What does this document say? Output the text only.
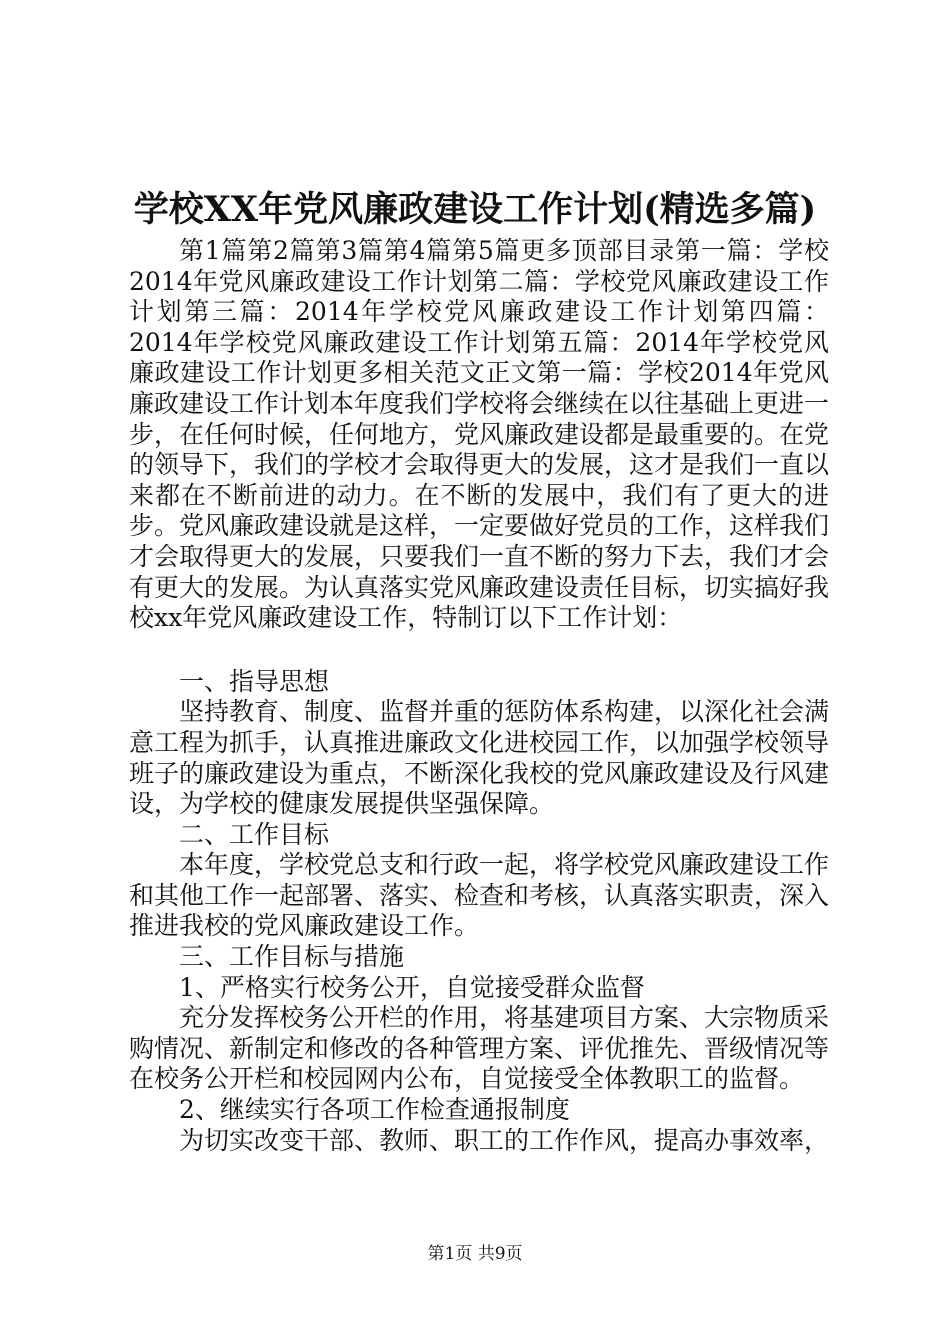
学校XX年党风廉政建设工作计划(精选多篇)

第1篇第2篇第3篇第4篇第5篇更多顶部目录第一篇：学校2014年党风廉政建设工作计划第二篇：学校党风廉政建设工作计划第三篇：2014年学校党风廉政建设工作计划第四篇：2014年学校党风廉政建设工作计划第五篇：2014年学校党风廉政建设工作计划更多相关范文正文第一篇：学校2014年党风廉政建设工作计划本年度我们学校将会继续在以往基础上更进一步，在任何时候，任何地方，党风廉政建设都是最重要的。在党的领导下，我们的学校才会取得更大的发展，这才是我们一直以来都在不断前进的动力。在不断的发展中，我们有了更大的进步。党风廉政建设就是这样，一定要做好党员的工作，这样我们才会取得更大的发展，只要我们一直不断的努力下去，我们才会有更大的发展。为认真落实党风廉政建设责任目标，切实搞好我校xx年党风廉政建设工作，特制订以下工作计划：

一、指导思想

坚持教育、制度、监督并重的惩防体系构建，以深化社会满意工程为抓手，认真推进廉政文化进校园工作，以加强学校领导班子的廉政建设为重点，不断深化我校的党风廉政建设及行风建设，为学校的健康发展提供坚强保障。

二、工作目标

本年度，学校党总支和行政一起，将学校党风廉政建设工作和其他工作一起部署、落实、检查和考核，认真落实职责，深入推进我校的党风廉政建设工作。

三、工作目标与措施

1、严格实行校务公开，自觉接受群众监督

充分发挥校务公开栏的作用，将基建项目方案、大宗物质采购情况、新制定和修改的各种管理方案、评优推先、晋级情况等在校务公开栏和校园网内公布，自觉接受全体教职工的监督。

2、继续实行各项工作检查通报制度

为切实改变干部、教师、职工的工作作风，提高办事效率，

第1页 共9页
